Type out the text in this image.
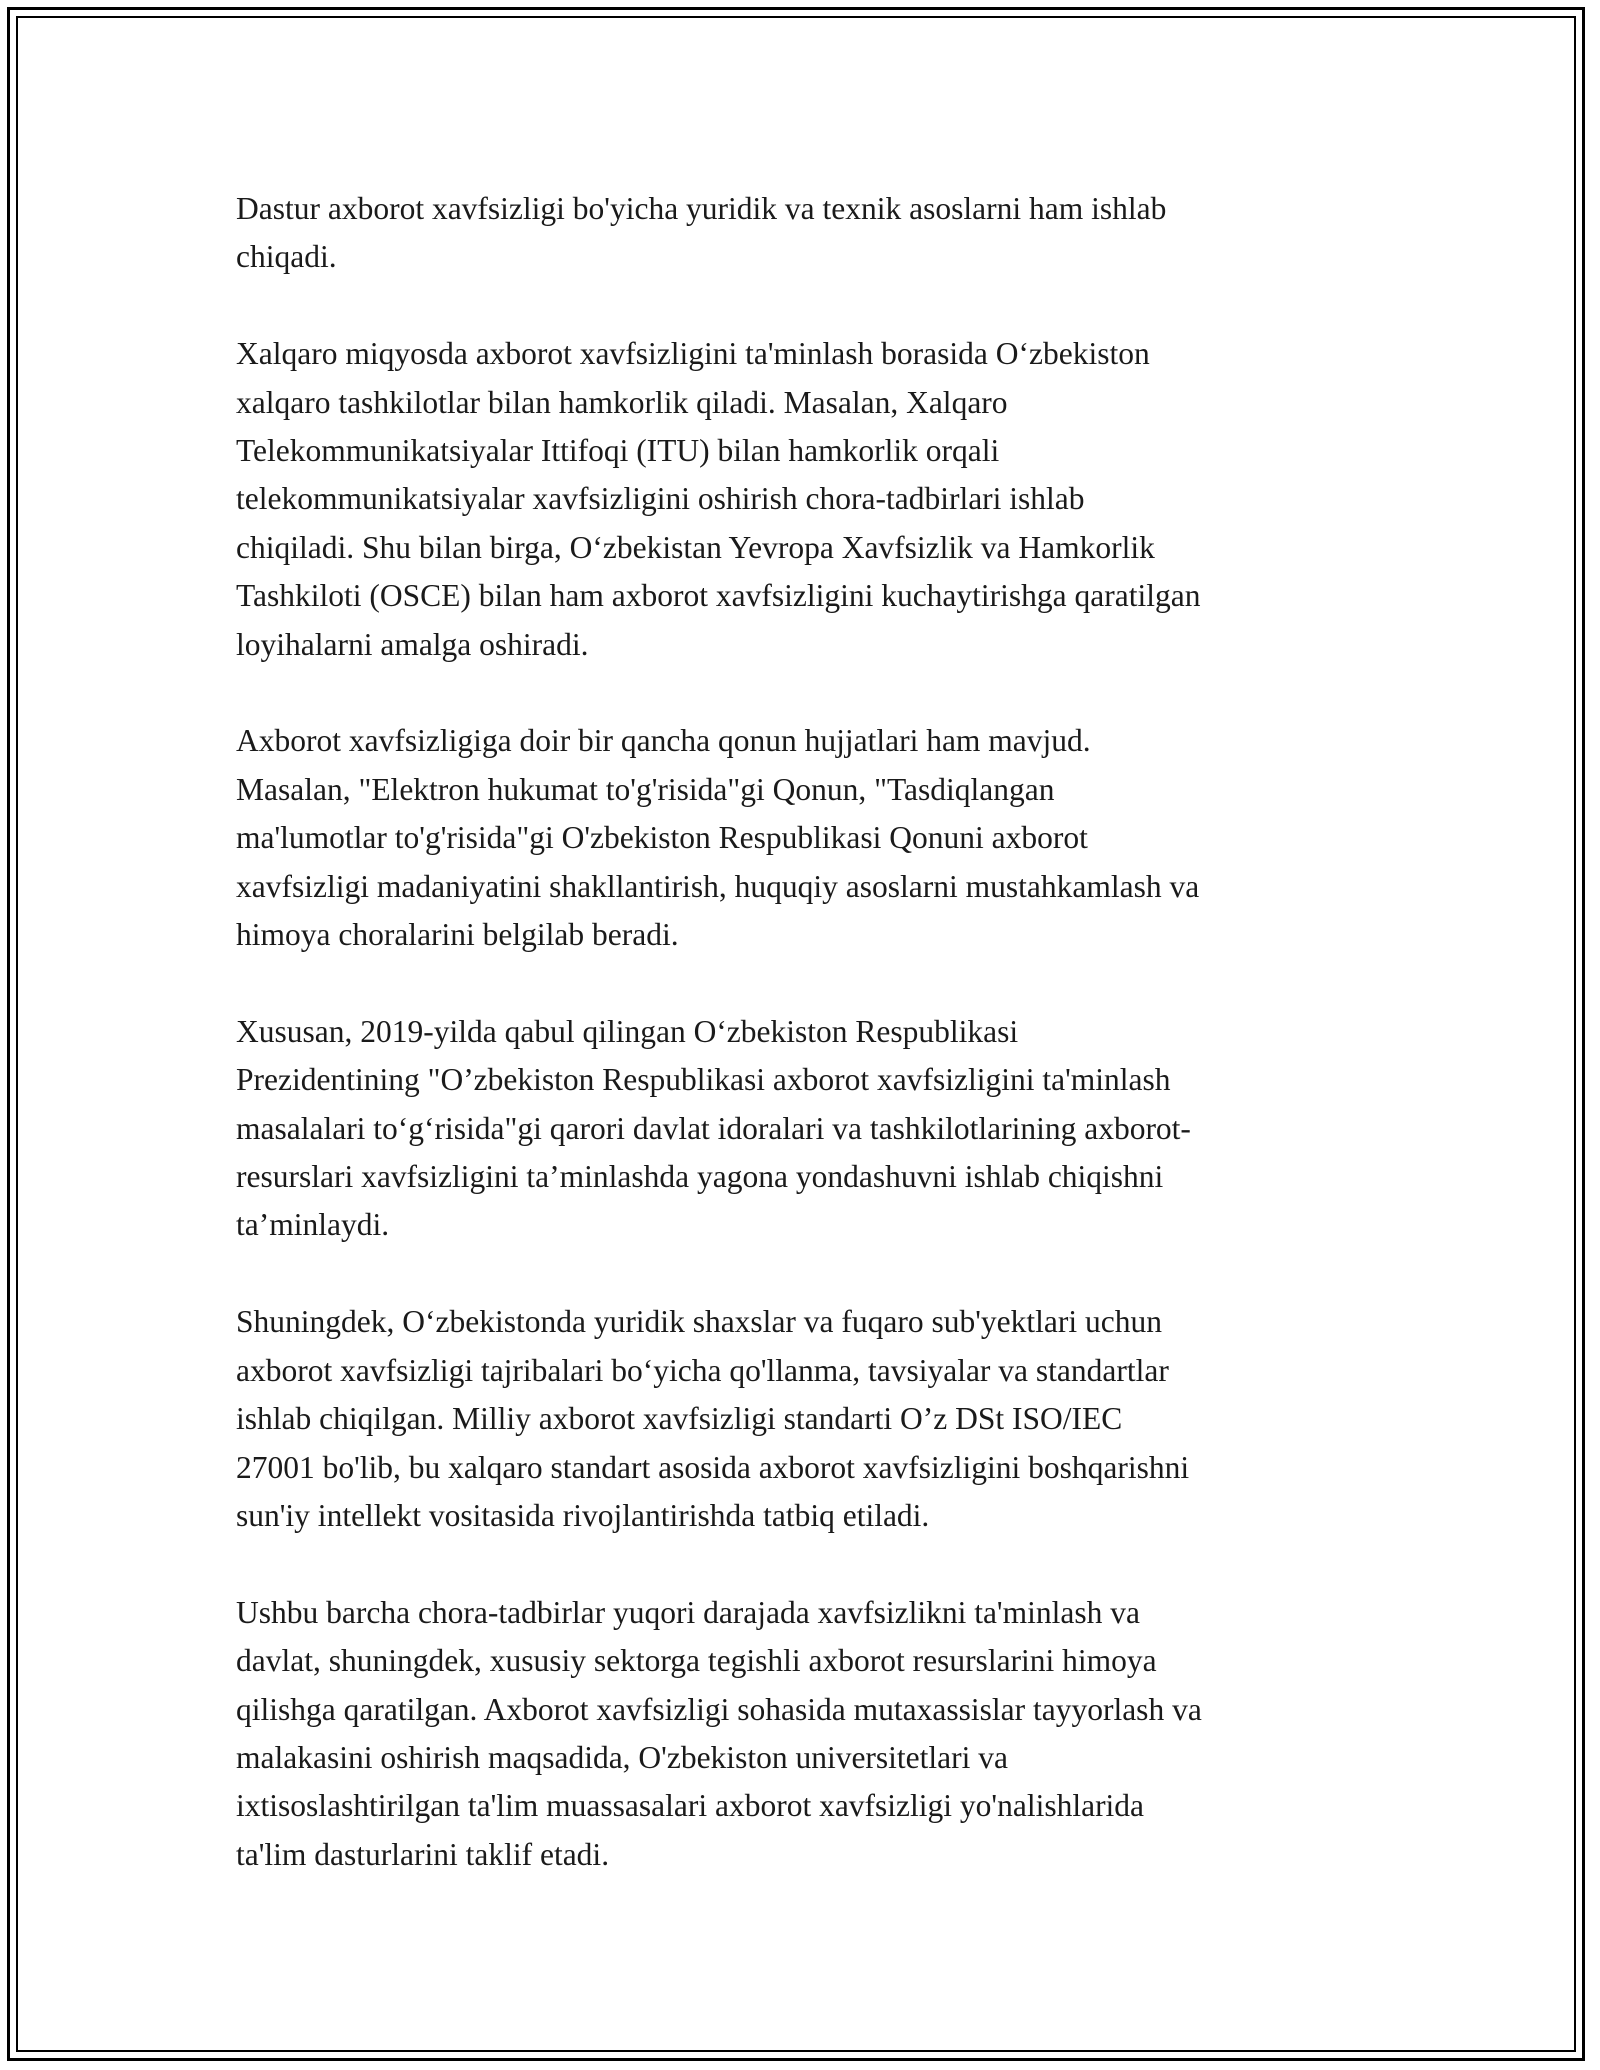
Dastur axborot xavfsizligi bo'yicha yuridik va texnik asoslarni ham ishlab
chiqadi.

Xalqaro miqyosda axborot xavfsizligini ta'minlash borasida O‘zbekiston
xalqaro tashkilotlar bilan hamkorlik qiladi. Masalan, Xalqaro
Telekommunikatsiyalar Ittifoqi (ITU) bilan hamkorlik orqali
telekommunikatsiyalar xavfsizligini oshirish chora-tadbirlari ishlab
chiqiladi. Shu bilan birga, O‘zbekistan Yevropa Xavfsizlik va Hamkorlik
Tashkiloti (OSCE) bilan ham axborot xavfsizligini kuchaytirishga qaratilgan
loyihalarni amalga oshiradi.

Axborot xavfsizligiga doir bir qancha qonun hujjatlari ham mavjud.
Masalan, "Elektron hukumat to'g'risida"gi Qonun, "Tasdiqlangan
ma'lumotlar to'g'risida"gi O'zbekiston Respublikasi Qonuni axborot
xavfsizligi madaniyatini shakllantirish, huquqiy asoslarni mustahkamlash va
himoya choralarini belgilab beradi.

Xususan, 2019-yilda qabul qilingan O‘zbekiston Respublikasi
Prezidentining "O’zbekiston Respublikasi axborot xavfsizligini ta'minlash
masalalari to‘g‘risida"gi qarori davlat idoralari va tashkilotlarining axborot-
resurslari xavfsizligini ta’minlashda yagona yondashuvni ishlab chiqishni
ta’minlaydi.

Shuningdek, O‘zbekistonda yuridik shaxslar va fuqaro sub'yektlari uchun
axborot xavfsizligi tajribalari bo‘yicha qo'llanma, tavsiyalar va standartlar
ishlab chiqilgan. Milliy axborot xavfsizligi standarti O’z DSt ISO/IEC
27001 bo'lib, bu xalqaro standart asosida axborot xavfsizligini boshqarishni
sun'iy intellekt vositasida rivojlantirishda tatbiq etiladi.

Ushbu barcha chora-tadbirlar yuqori darajada xavfsizlikni ta'minlash va
davlat, shuningdek, xususiy sektorga tegishli axborot resurslarini himoya
qilishga qaratilgan. Axborot xavfsizligi sohasida mutaxassislar tayyorlash va
malakasini oshirish maqsadida, O'zbekiston universitetlari va
ixtisoslashtirilgan ta'lim muassasalari axborot xavfsizligi yo'nalishlarida
ta'lim dasturlarini taklif etadi.
